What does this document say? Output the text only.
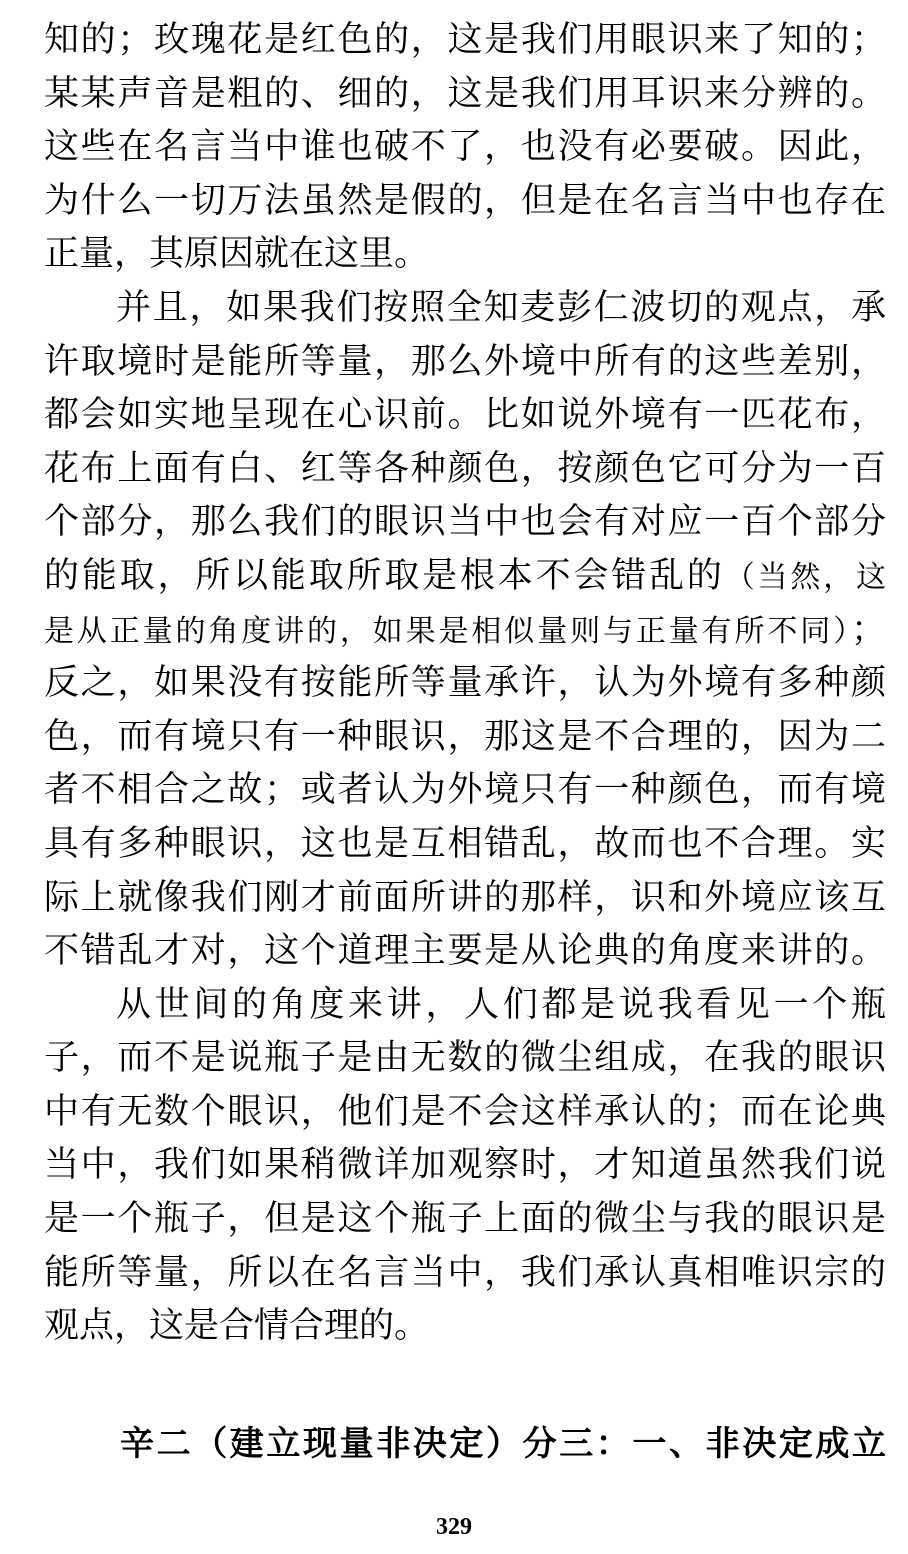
知的；玫瑰花是红色的，这是我们用眼识来了知的；
某某声音是粗的、细的，这是我们用耳识来分辨的。
这些在名言当中谁也破不了，也没有必要破。因此，
为什么一切万法虽然是假的，但是在名言当中也存在
正量，其原因就在这里。
并且，如果我们按照全知麦彭仁波切的观点，承
许取境时是能所等量，那么外境中所有的这些差别，
都会如实地呈现在心识前。比如说外境有一匹花布，
花布上面有白、红等各种颜色，按颜色它可分为一百
个部分，那么我们的眼识当中也会有对应一百个部分
的能取，所以能取所取是根本不会错乱的（当然，这
是从正量的角度讲的，如果是相似量则与正量有所不同）；
反之，如果没有按能所等量承许，认为外境有多种颜
色，而有境只有一种眼识，那这是不合理的，因为二
者不相合之故；或者认为外境只有一种颜色，而有境
具有多种眼识，这也是互相错乱，故而也不合理。实
际上就像我们刚才前面所讲的那样，识和外境应该互
不错乱才对，这个道理主要是从论典的角度来讲的。
从世间的角度来讲，人们都是说我看见一个瓶
子，而不是说瓶子是由无数的微尘组成，在我的眼识
中有无数个眼识，他们是不会这样承认的；而在论典
当中，我们如果稍微详加观察时，才知道虽然我们说
是一个瓶子，但是这个瓶子上面的微尘与我的眼识是
能所等量，所以在名言当中，我们承认真相唯识宗的
观点，这是合情合理的。
辛二（建立现量非决定）分三：一、非决定成立
329
